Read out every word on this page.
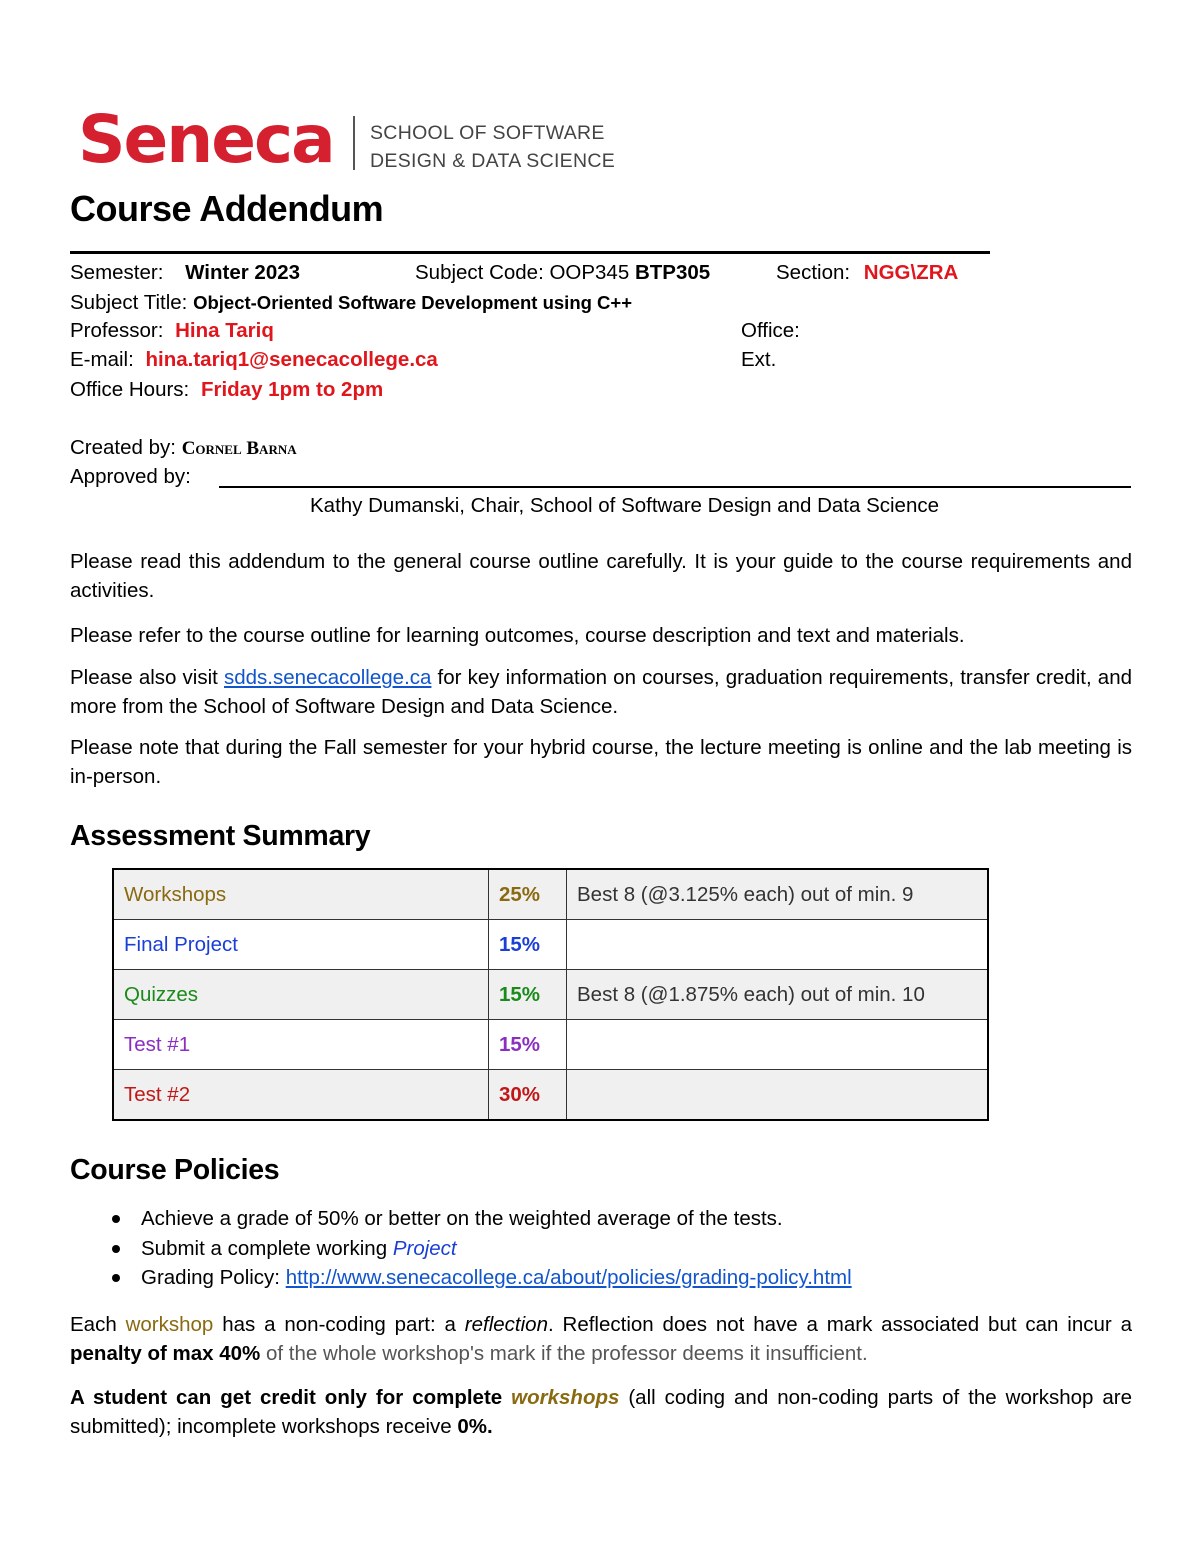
Seneca SCHOOL OF SOFTWARE
DESIGN & DATA SCIENCE
Course Addendum
Semester: Winter 2023	Subject Code: OOP345 BTP305	Section: NGG\ZRA
Subject Title: Object-Oriented Software Development using C++
Professor: Hina Tariq	Office:
E-mail: hina.tariq1@senecacollege.ca	Ext.
Office Hours: Friday 1pm to 2pm
Created by: Cornel Barna
Approved by:
Kathy Dumanski, Chair, School of Software Design and Data Science
Please read this addendum to the general course outline carefully. It is your guide to the course requirements and activities.
Please refer to the course outline for learning outcomes, course description and text and materials.
Please also visit sdds.senecacollege.ca for key information on courses, graduation requirements, transfer credit, and more from the School of Software Design and Data Science.
Please note that during the Fall semester for your hybrid course, the lecture meeting is online and the lab meeting is in-person.
Assessment Summary
Workshops	25%	Best 8 (@3.125% each) out of min. 9
Final Project	15%	
Quizzes	15%	Best 8 (@1.875% each) out of min. 10
Test #1	15%	
Test #2	30%	
Course Policies
Achieve a grade of 50% or better on the weighted average of the tests.
Submit a complete working Project
Grading Policy: http://www.senecacollege.ca/about/policies/grading-policy.html
Each workshop has a non-coding part: a reflection. Reflection does not have a mark associated but can incur a penalty of max 40% of the whole workshop's mark if the professor deems it insufficient.
A student can get credit only for complete workshops (all coding and non-coding parts of the workshop are submitted); incomplete workshops receive 0%.
